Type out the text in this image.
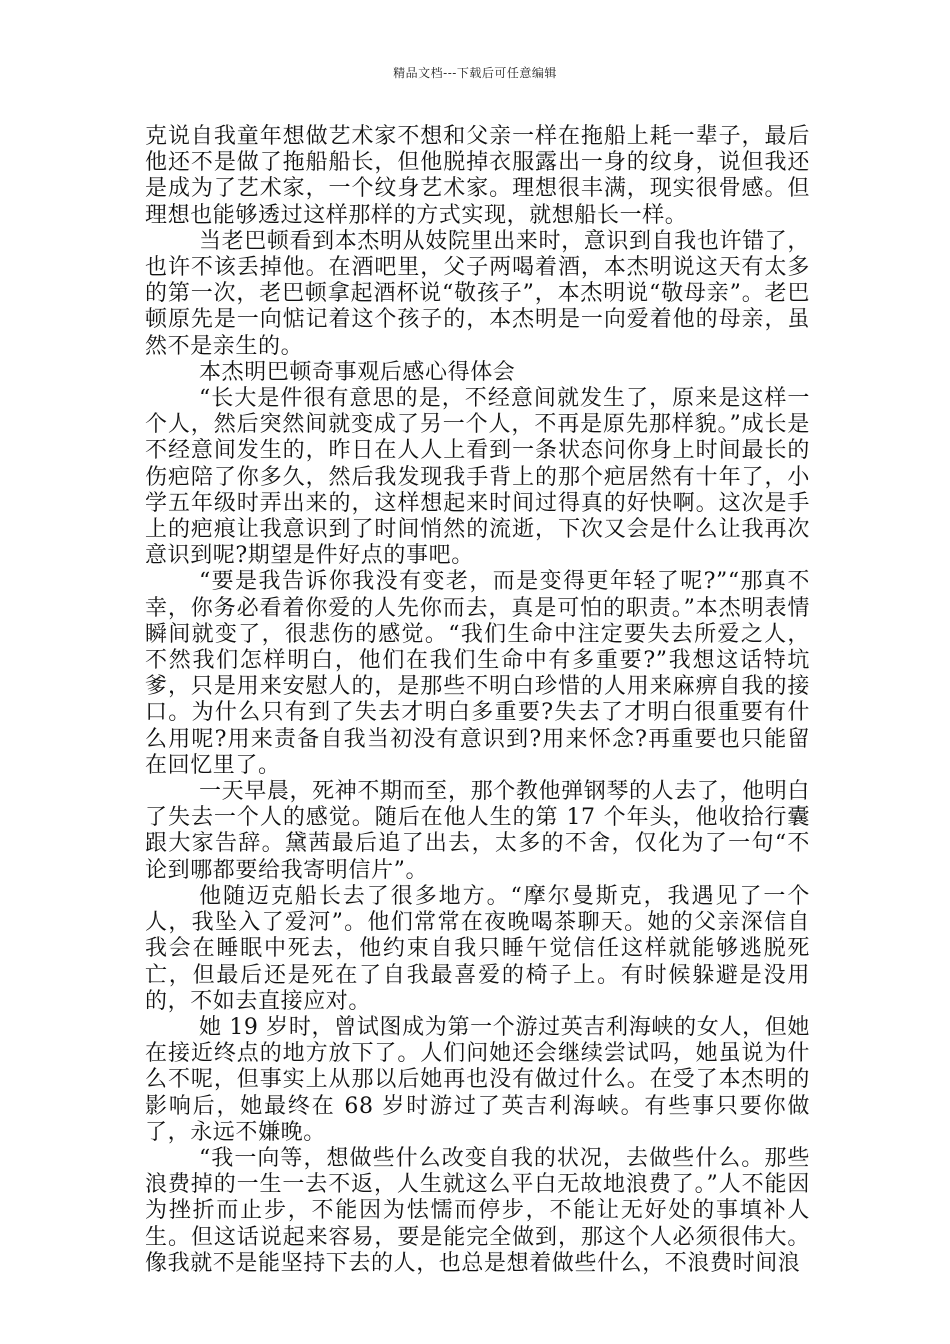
精品文档---下载后可任意编辑

克说自我童年想做艺术家不想和父亲一样在拖船上耗一辈子，最后他还不是做了拖船船长，但他脱掉衣服露出一身的纹身，说但我还是成为了艺术家，一个纹身艺术家。理想很丰满，现实很骨感。但理想也能够透过这样那样的方式实现，就想船长一样。

当老巴顿看到本杰明从妓院里出来时，意识到自我也许错了，也许不该丢掉他。在酒吧里，父子两喝着酒，本杰明说这天有太多的第一次，老巴顿拿起酒杯说“敬孩子”，本杰明说“敬母亲”。老巴顿原先是一向惦记着这个孩子的，本杰明是一向爱着他的母亲，虽然不是亲生的。

本杰明巴顿奇事观后感心得体会

“长大是件很有意思的是，不经意间就发生了，原来是这样一个人，然后突然间就变成了另一个人，不再是原先那样貌。”成长是不经意间发生的，昨日在人人上看到一条状态问你身上时间最长的伤疤陪了你多久，然后我发现我手背上的那个疤居然有十年了，小学五年级时弄出来的，这样想起来时间过得真的好快啊。这次是手上的疤痕让我意识到了时间悄然的流逝，下次又会是什么让我再次意识到呢?期望是件好点的事吧。

“要是我告诉你我没有变老，而是变得更年轻了呢?”“那真不幸，你务必看着你爱的人先你而去，真是可怕的职责。”本杰明表情瞬间就变了，很悲伤的感觉。“我们生命中注定要失去所爱之人，不然我们怎样明白，他们在我们生命中有多重要?”我想这话特坑爹，只是用来安慰人的，是那些不明白珍惜的人用来麻痹自我的接口。为什么只有到了失去才明白多重要?失去了才明白很重要有什么用呢?用来责备自我当初没有意识到?用来怀念?再重要也只能留在回忆里了。

一天早晨，死神不期而至，那个教他弹钢琴的人去了，他明白了失去一个人的感觉。随后在他人生的第 17 个年头，他收拾行囊跟大家告辞。黛茜最后追了出去，太多的不舍，仅化为了一句“不论到哪都要给我寄明信片”。

他随迈克船长去了很多地方。“摩尔曼斯克，我遇见了一个人，我坠入了爱河”。他们常常在夜晚喝茶聊天。她的父亲深信自我会在睡眠中死去，他约束自我只睡午觉信任这样就能够逃脱死亡，但最后还是死在了自我最喜爱的椅子上。有时候躲避是没用的，不如去直接应对。

她 19 岁时，曾试图成为第一个游过英吉利海峡的女人，但她在接近终点的地方放下了。人们问她还会继续尝试吗，她虽说为什么不呢，但事实上从那以后她再也没有做过什么。在受了本杰明的影响后，她最终在 68 岁时游过了英吉利海峡。有些事只要你做了，永远不嫌晚。

“我一向等，想做些什么改变自我的状况，去做些什么。那些浪费掉的一生一去不返，人生就这么平白无故地浪费了。”人不能因为挫折而止步，不能因为怯懦而停步，不能让无好处的事填补人生。但这话说起来容易，要是能完全做到，那这个人必须很伟大。像我就不是能坚持下去的人，也总是想着做些什么，不浪费时间浪
